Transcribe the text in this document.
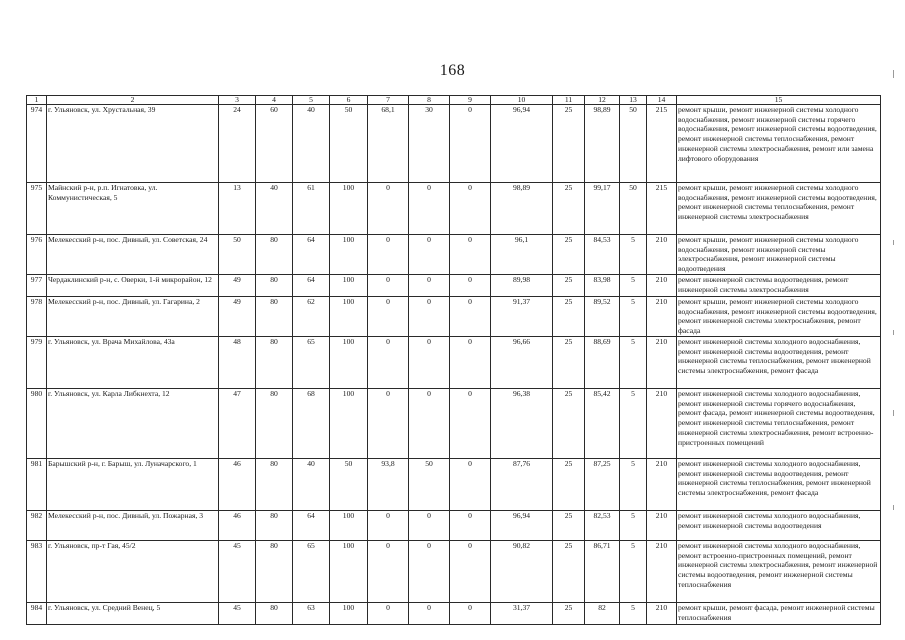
168
1	2	3	4	5	6	7	8	9	10	11	12	13	14	15
974	г. Ульяновск, ул. Хрустальная, 39	24	60	40	50	68,1	30	0	96,94	25	98,89	50	215	ремонт крыши, ремонт инженерной системы холодного водоснабжения, ремонт инженерной системы горячего водоснабжения, ремонт инженерной системы водоотведения, ремонт инженерной системы теплоснабжения, ремонт инженерной системы электроснабжения, ремонт или замена лифтового оборудования
975	Майнский р-н, р.п. Игнатовка, ул. Коммунистическая, 5	13	40	61	100	0	0	0	98,89	25	99,17	50	215	ремонт крыши, ремонт инженерной системы холодного водоснабжения, ремонт инженерной системы водоотведения, ремонт инженерной системы теплоснабжения, ремонт инженерной системы электроснабжения
976	Мелекесский р-н, пос. Дивный, ул. Советская, 24	50	80	64	100	0	0	0	96,1	25	84,53	5	210	ремонт крыши, ремонт инженерной системы холодного водоснабжения, ремонт инженерной системы электроснабжения, ремонт инженерной системы водоотведения
977	Чердаклинский р-н, с. Оверки, 1-й микрорайон, 12	49	80	64	100	0	0	0	89,98	25	83,98	5	210	ремонт инженерной системы водоотведения, ремонт инженерной системы электроснабжения
978	Мелекесский р-н, пос. Дивный, ул. Гагарина, 2	49	80	62	100	0	0	0	91,37	25	89,52	5	210	ремонт крыши, ремонт инженерной системы холодного водоснабжения, ремонт инженерной системы водоотведения, ремонт инженерной системы электроснабжения, ремонт фасада
979	г. Ульяновск, ул. Врача Михайлова, 43а	48	80	65	100	0	0	0	96,66	25	88,69	5	210	ремонт инженерной системы холодного водоснабжения, ремонт инженерной системы водоотведения, ремонт инженерной системы теплоснабжения, ремонт инженерной системы электроснабжения, ремонт фасада
980	г. Ульяновск, ул. Карла Либкнехта, 12	47	80	68	100	0	0	0	96,38	25	85,42	5	210	ремонт инженерной системы холодного водоснабжения, ремонт инженерной системы горячего водоснабжения, ремонт фасада, ремонт инженерной системы водоотведения, ремонт инженерной системы теплоснабжения, ремонт инженерной системы электроснабжения, ремонт встроенно-пристроенных помещений
981	Барышский р-н, г. Барыш, ул. Луначарского, 1	46	80	40	50	93,8	50	0	87,76	25	87,25	5	210	ремонт инженерной системы холодного водоснабжения, ремонт инженерной системы водоотведения, ремонт инженерной системы теплоснабжения, ремонт инженерной системы электроснабжения, ремонт фасада
982	Мелекесский р-н, пос. Дивный, ул. Пожарная, 3	46	80	64	100	0	0	0	96,94	25	82,53	5	210	ремонт инженерной системы холодного водоснабжения, ремонт инженерной системы водоотведения
983	г. Ульяновск, пр-т Гая, 45/2	45	80	65	100	0	0	0	90,82	25	86,71	5	210	ремонт инженерной системы холодного водоснабжения, ремонт встроенно-пристроенных помещений, ремонт инженерной системы электроснабжения, ремонт инженерной системы водоотведения, ремонт инженерной системы теплоснабжения
984	г. Ульяновск, ул. Средний Венец, 5	45	80	63	100	0	0	0	31,37	25	82	5	210	ремонт крыши, ремонт фасада, ремонт инженерной системы теплоснабжения
